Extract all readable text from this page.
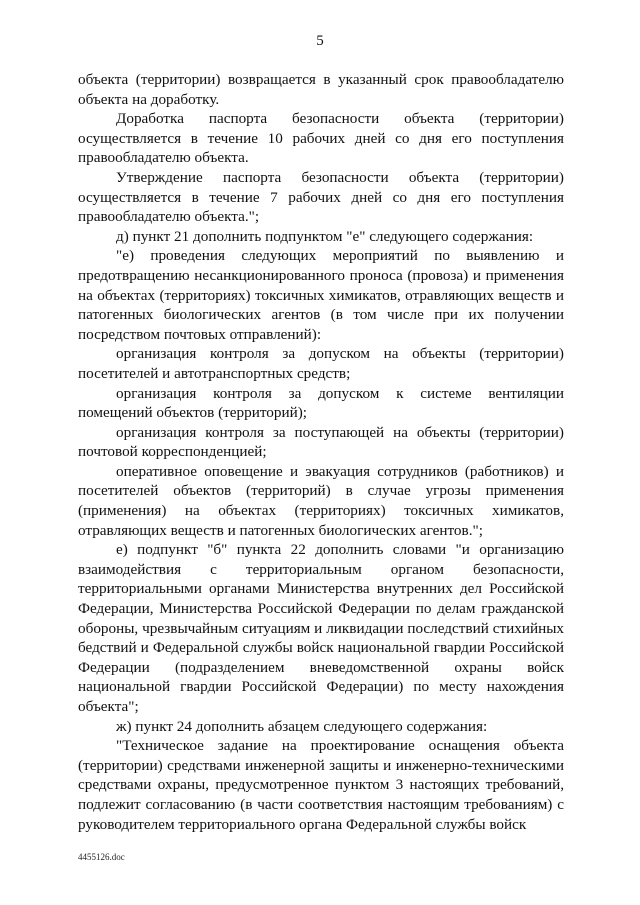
5

объекта (территории) возвращается в указанный срок правообладателю объекта на доработку.

Доработка паспорта безопасности объекта (территории) осуществляется в течение 10 рабочих дней со дня его поступления правообладателю объекта.

Утверждение паспорта безопасности объекта (территории) осуществляется в течение 7 рабочих дней со дня его поступления правообладателю объекта.";

д) пункт 21 дополнить подпунктом "е" следующего содержания:

"е) проведения следующих мероприятий по выявлению и предотвращению несанкционированного проноса (провоза) и применения на объектах (территориях) токсичных химикатов, отравляющих веществ и патогенных биологических агентов (в том числе при их получении посредством почтовых отправлений):

организация контроля за допуском на объекты (территории) посетителей и автотранспортных средств;

организация контроля за допуском к системе вентиляции помещений объектов (территорий);

организация контроля за поступающей на объекты (территории) почтовой корреспонденцией;

оперативное оповещение и эвакуация сотрудников (работников) и посетителей объектов (территорий) в случае угрозы применения (применения) на объектах (территориях) токсичных химикатов, отравляющих веществ и патогенных биологических агентов.";

е) подпункт "б" пункта 22 дополнить словами "и организацию взаимодействия с территориальным органом безопасности, территориальными органами Министерства внутренних дел Российской Федерации, Министерства Российской Федерации по делам гражданской обороны, чрезвычайным ситуациям и ликвидации последствий стихийных бедствий и Федеральной службы войск национальной гвардии Российской Федерации (подразделением вневедомственной охраны войск национальной гвардии Российской Федерации) по месту нахождения объекта";

ж) пункт 24 дополнить абзацем следующего содержания:

"Техническое задание на проектирование оснащения объекта (территории) средствами инженерной защиты и инженерно-техническими средствами охраны, предусмотренное пунктом 3 настоящих требований, подлежит согласованию (в части соответствия настоящим требованиям) с руководителем территориального органа Федеральной службы войск

4455126.doc
